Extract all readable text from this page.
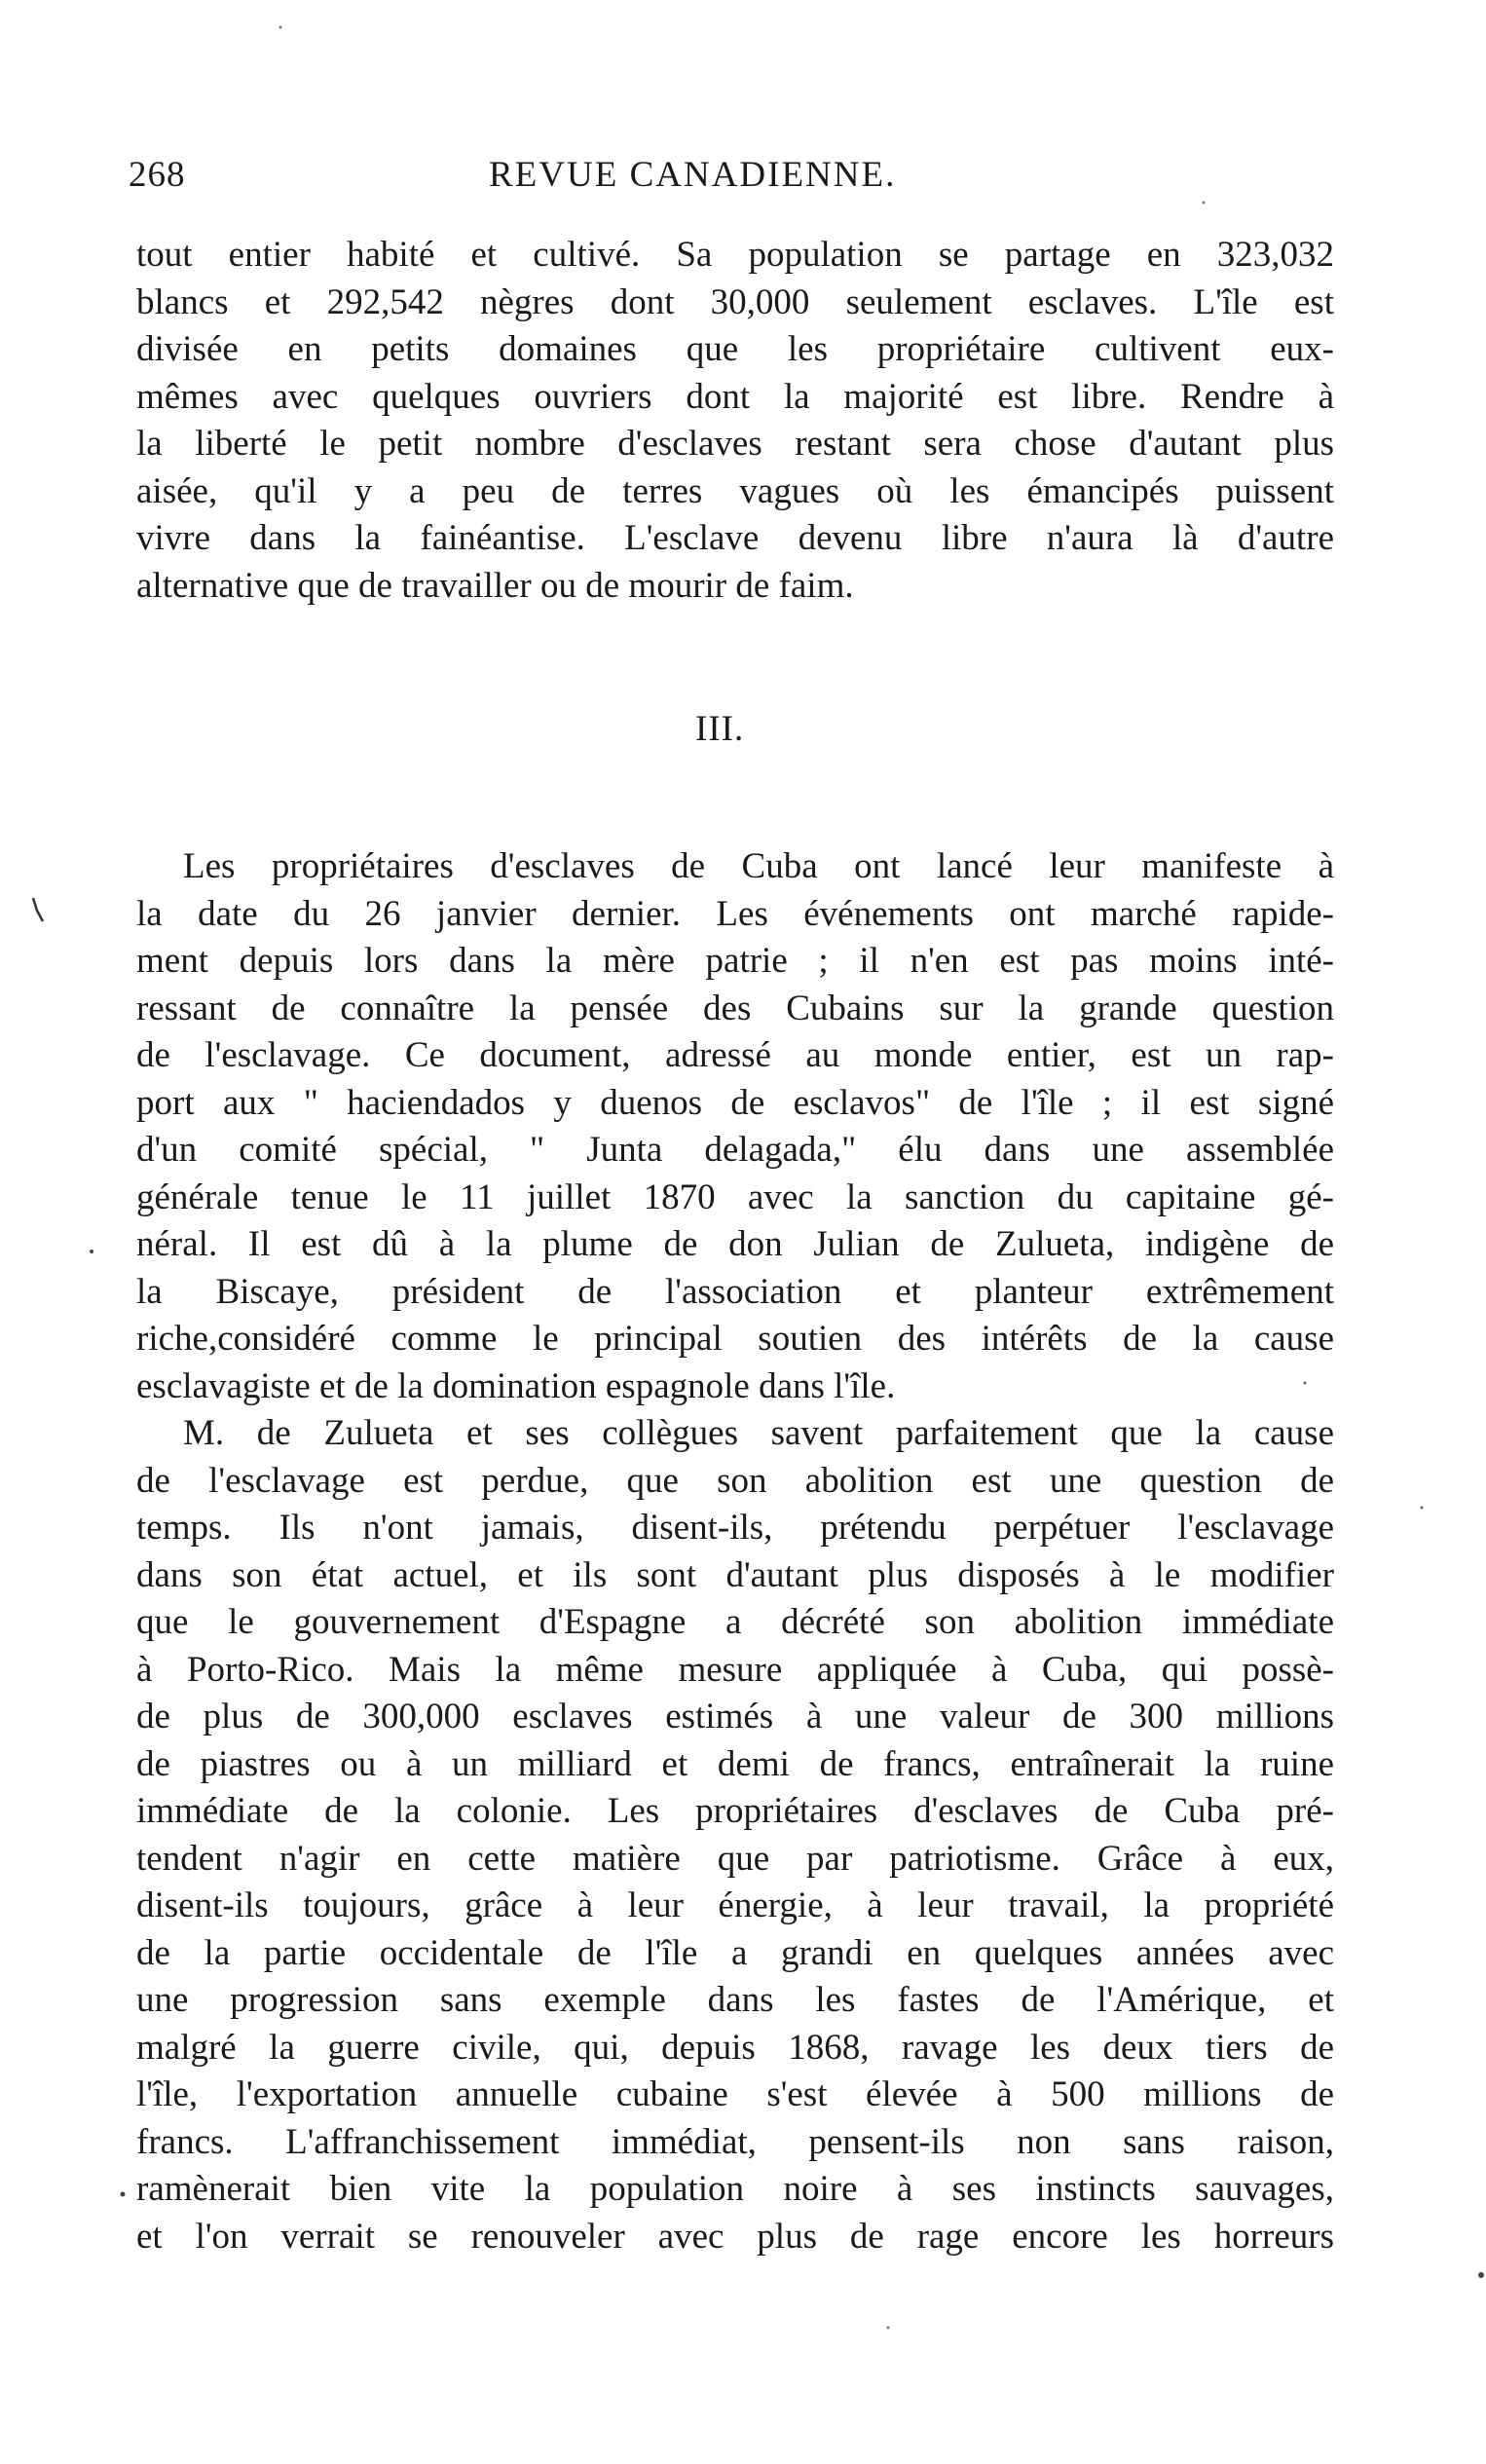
268	REVUE CANADIENNE.
tout entier habité et cultivé. Sa population se partage en 323,032
blancs et 292,542 nègres dont 30,000 seulement esclaves. L'île est
divisée en petits domaines que les propriétaire cultivent eux-
mêmes avec quelques ouvriers dont la majorité est libre. Rendre à
la liberté le petit nombre d'esclaves restant sera chose d'autant plus
aisée, qu'il y a peu de terres vagues où les émancipés puissent
vivre dans la fainéantise. L'esclave devenu libre n'aura là d'autre
alternative que de travailler ou de mourir de faim.
III.
Les propriétaires d'esclaves de Cuba ont lancé leur manifeste à
la date du 26 janvier dernier. Les événements ont marché rapide-
ment depuis lors dans la mère patrie ; il n'en est pas moins inté-
ressant de connaître la pensée des Cubains sur la grande question
de l'esclavage. Ce document, adressé au monde entier, est un rap-
port aux " haciendados y duenos de esclavos" de l'île ; il est signé
d'un comité spécial, " Junta delagada," élu dans une assemblée
générale tenue le 11 juillet 1870 avec la sanction du capitaine gé-
néral. Il est dû à la plume de don Julian de Zulueta, indigène de
la Biscaye, président de l'association et planteur extrêmement
riche,considéré comme le principal soutien des intérêts de la cause
esclavagiste et de la domination espagnole dans l'île.
M. de Zulueta et ses collègues savent parfaitement que la cause
de l'esclavage est perdue, que son abolition est une question de
temps. Ils n'ont jamais, disent-ils, prétendu perpétuer l'esclavage
dans son état actuel, et ils sont d'autant plus disposés à le modifier
que le gouvernement d'Espagne a décrété son abolition immédiate
à Porto-Rico. Mais la même mesure appliquée à Cuba, qui possè-
de plus de 300,000 esclaves estimés à une valeur de 300 millions
de piastres ou à un milliard et demi de francs, entraînerait la ruine
immédiate de la colonie. Les propriétaires d'esclaves de Cuba pré-
tendent n'agir en cette matière que par patriotisme. Grâce à eux,
disent-ils toujours, grâce à leur énergie, à leur travail, la propriété
de la partie occidentale de l'île a grandi en quelques années avec
une progression sans exemple dans les fastes de l'Amérique, et
malgré la guerre civile, qui, depuis 1868, ravage les deux tiers de
l'île, l'exportation annuelle cubaine s'est élevée à 500 millions de
francs. L'affranchissement immédiat, pensent-ils non sans raison,
ramènerait bien vite la population noire à ses instincts sauvages,
et l'on verrait se renouveler avec plus de rage encore les horreurs
